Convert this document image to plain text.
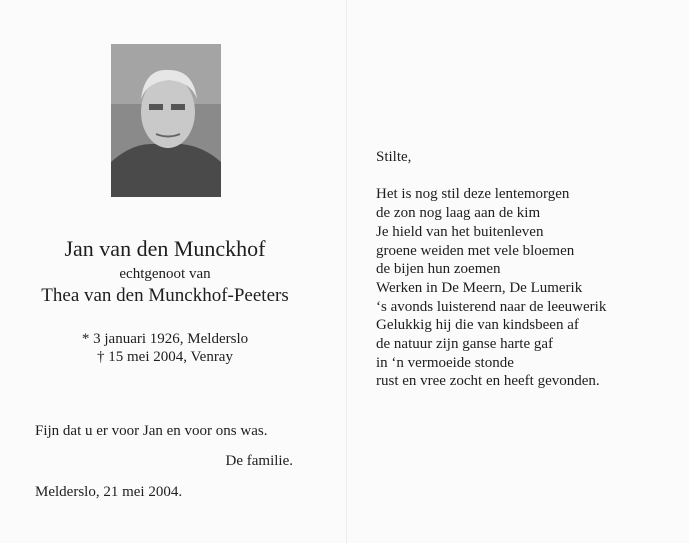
Jan van den Munckhof
echtgenoot van
Thea van den Munckhof-Peeters
* 3 januari 1926, Melderslo
† 15 mei 2004, Venray
Fijn dat u er voor Jan en voor ons was.
De familie.
Melderslo, 21 mei 2004.
Stilte,
Het is nog stil deze lentemorgen
de zon nog laag aan de kim
Je hield van het buitenleven
groene weiden met vele bloemen
de bijen hun zoemen
Werken in De Meern, De Lumerik
‘s avonds luisterend naar de leeuwerik
Gelukkig hij die van kindsbeen af
de natuur zijn ganse harte gaf
in ‘n vermoeide stonde
rust en vree zocht en heeft gevonden.
